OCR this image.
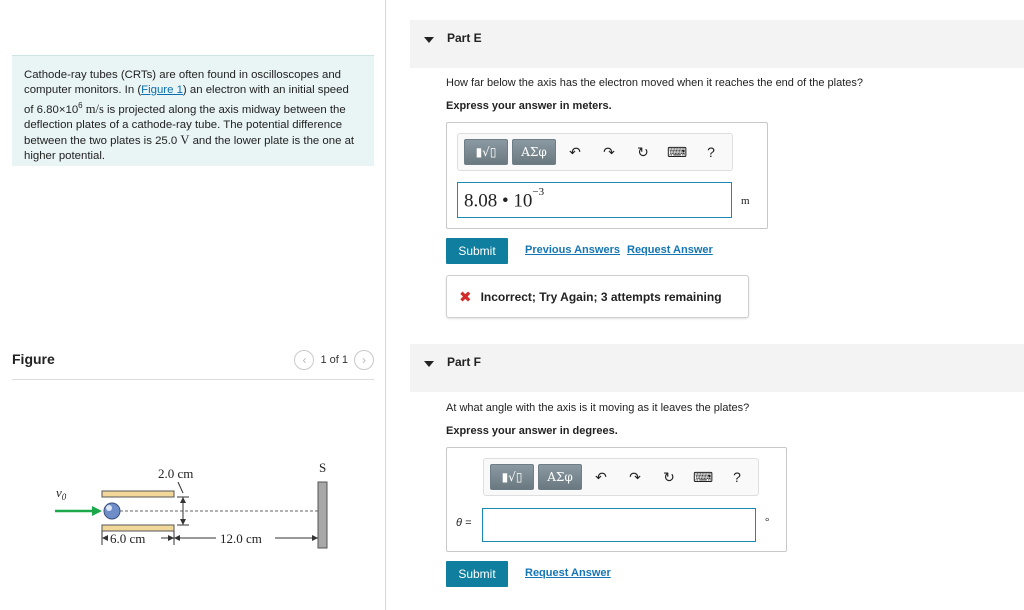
Cathode-ray tubes (CRTs) are often found in oscilloscopes and
computer monitors. In (Figure 1) an electron with an initial speed
of $6.80\times 10^6$ m/s is projected along the axis midway between the
deflection plates of a cathode-ray tube. The potential difference
between the two plates is 25.0 V and the lower plate is the one at
higher potential.
Figure	‹ 1 of 1 ›
$v_0$
2.0 cm	S
6.0 cm	12.0 cm
Part E
How far below the axis has the electron moved when it reaches the end of the plates?
Express your answer in meters.
▮√▯ ΑΣφ ↶ ↷ ↻ ⌨ ?
8.08 • $10^{-3}$
m
Submit	Previous Answers Request Answer
✖ Incorrect; Try Again; 3 attempts remaining
Part F
At what angle with the axis is it moving as it leaves the plates?
Express your answer in degrees.
▮√▯ ΑΣφ ↶ ↷ ↻ ⌨ ?
θ =	°
Submit	Request Answer
